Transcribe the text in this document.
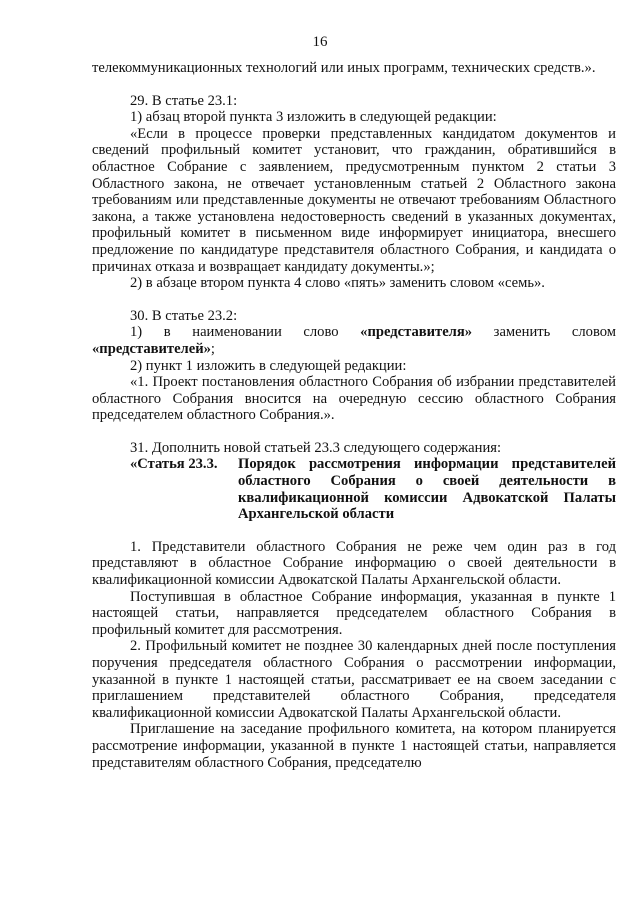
16

телекоммуникационных технологий или иных программ, технических средств.».

29. В статье 23.1:

1) абзац второй пункта 3 изложить в следующей редакции:

«Если в процессе проверки представленных кандидатом документов и сведений профильный комитет установит, что гражданин, обратившийся в областное Собрание с заявлением, предусмотренным пунктом 2 статьи 3 Областного закона, не отвечает установленным статьей 2 Областного закона требованиям или представленные документы не отвечают требованиям Областного закона, а также установлена недостоверность сведений в указанных документах, профильный комитет в письменном виде информирует инициатора, внесшего предложение по кандидатуре представителя областного Собрания, и кандидата о причинах отказа и возвращает кандидату документы.»;

2) в абзаце втором пункта 4 слово «пять» заменить словом «семь».

30. В статье 23.2:

1) в наименовании слово «представителя» заменить словом «представителей»;

2) пункт 1 изложить в следующей редакции:

«1. Проект постановления областного Собрания об избрании представителей областного Собрания вносится на очередную сессию областного Собрания председателем областного Собрания.».

31. Дополнить новой статьей 23.3 следующего содержания:

«Статья 23.3.	Порядок рассмотрения информации представителей областного Собрания о своей деятельности в квалификационной комиссии Адвокатской Палаты Архангельской области

1. Представители областного Собрания не реже чем один раз в год представляют в областное Собрание информацию о своей деятельности в квалификационной комиссии Адвокатской Палаты Архангельской области.

Поступившая в областное Собрание информация, указанная в пункте 1 настоящей статьи, направляется председателем областного Собрания в профильный комитет для рассмотрения.

2. Профильный комитет не позднее 30 календарных дней после поступления поручения председателя областного Собрания о рассмотрении информации, указанной в пункте 1 настоящей статьи, рассматривает ее на своем заседании с приглашением представителей областного Собрания, председателя квалификационной комиссии Адвокатской Палаты Архангельской области.

Приглашение на заседание профильного комитета, на котором планируется рассмотрение информации, указанной в пункте 1 настоящей статьи, направляется представителям областного Собрания, председателю
